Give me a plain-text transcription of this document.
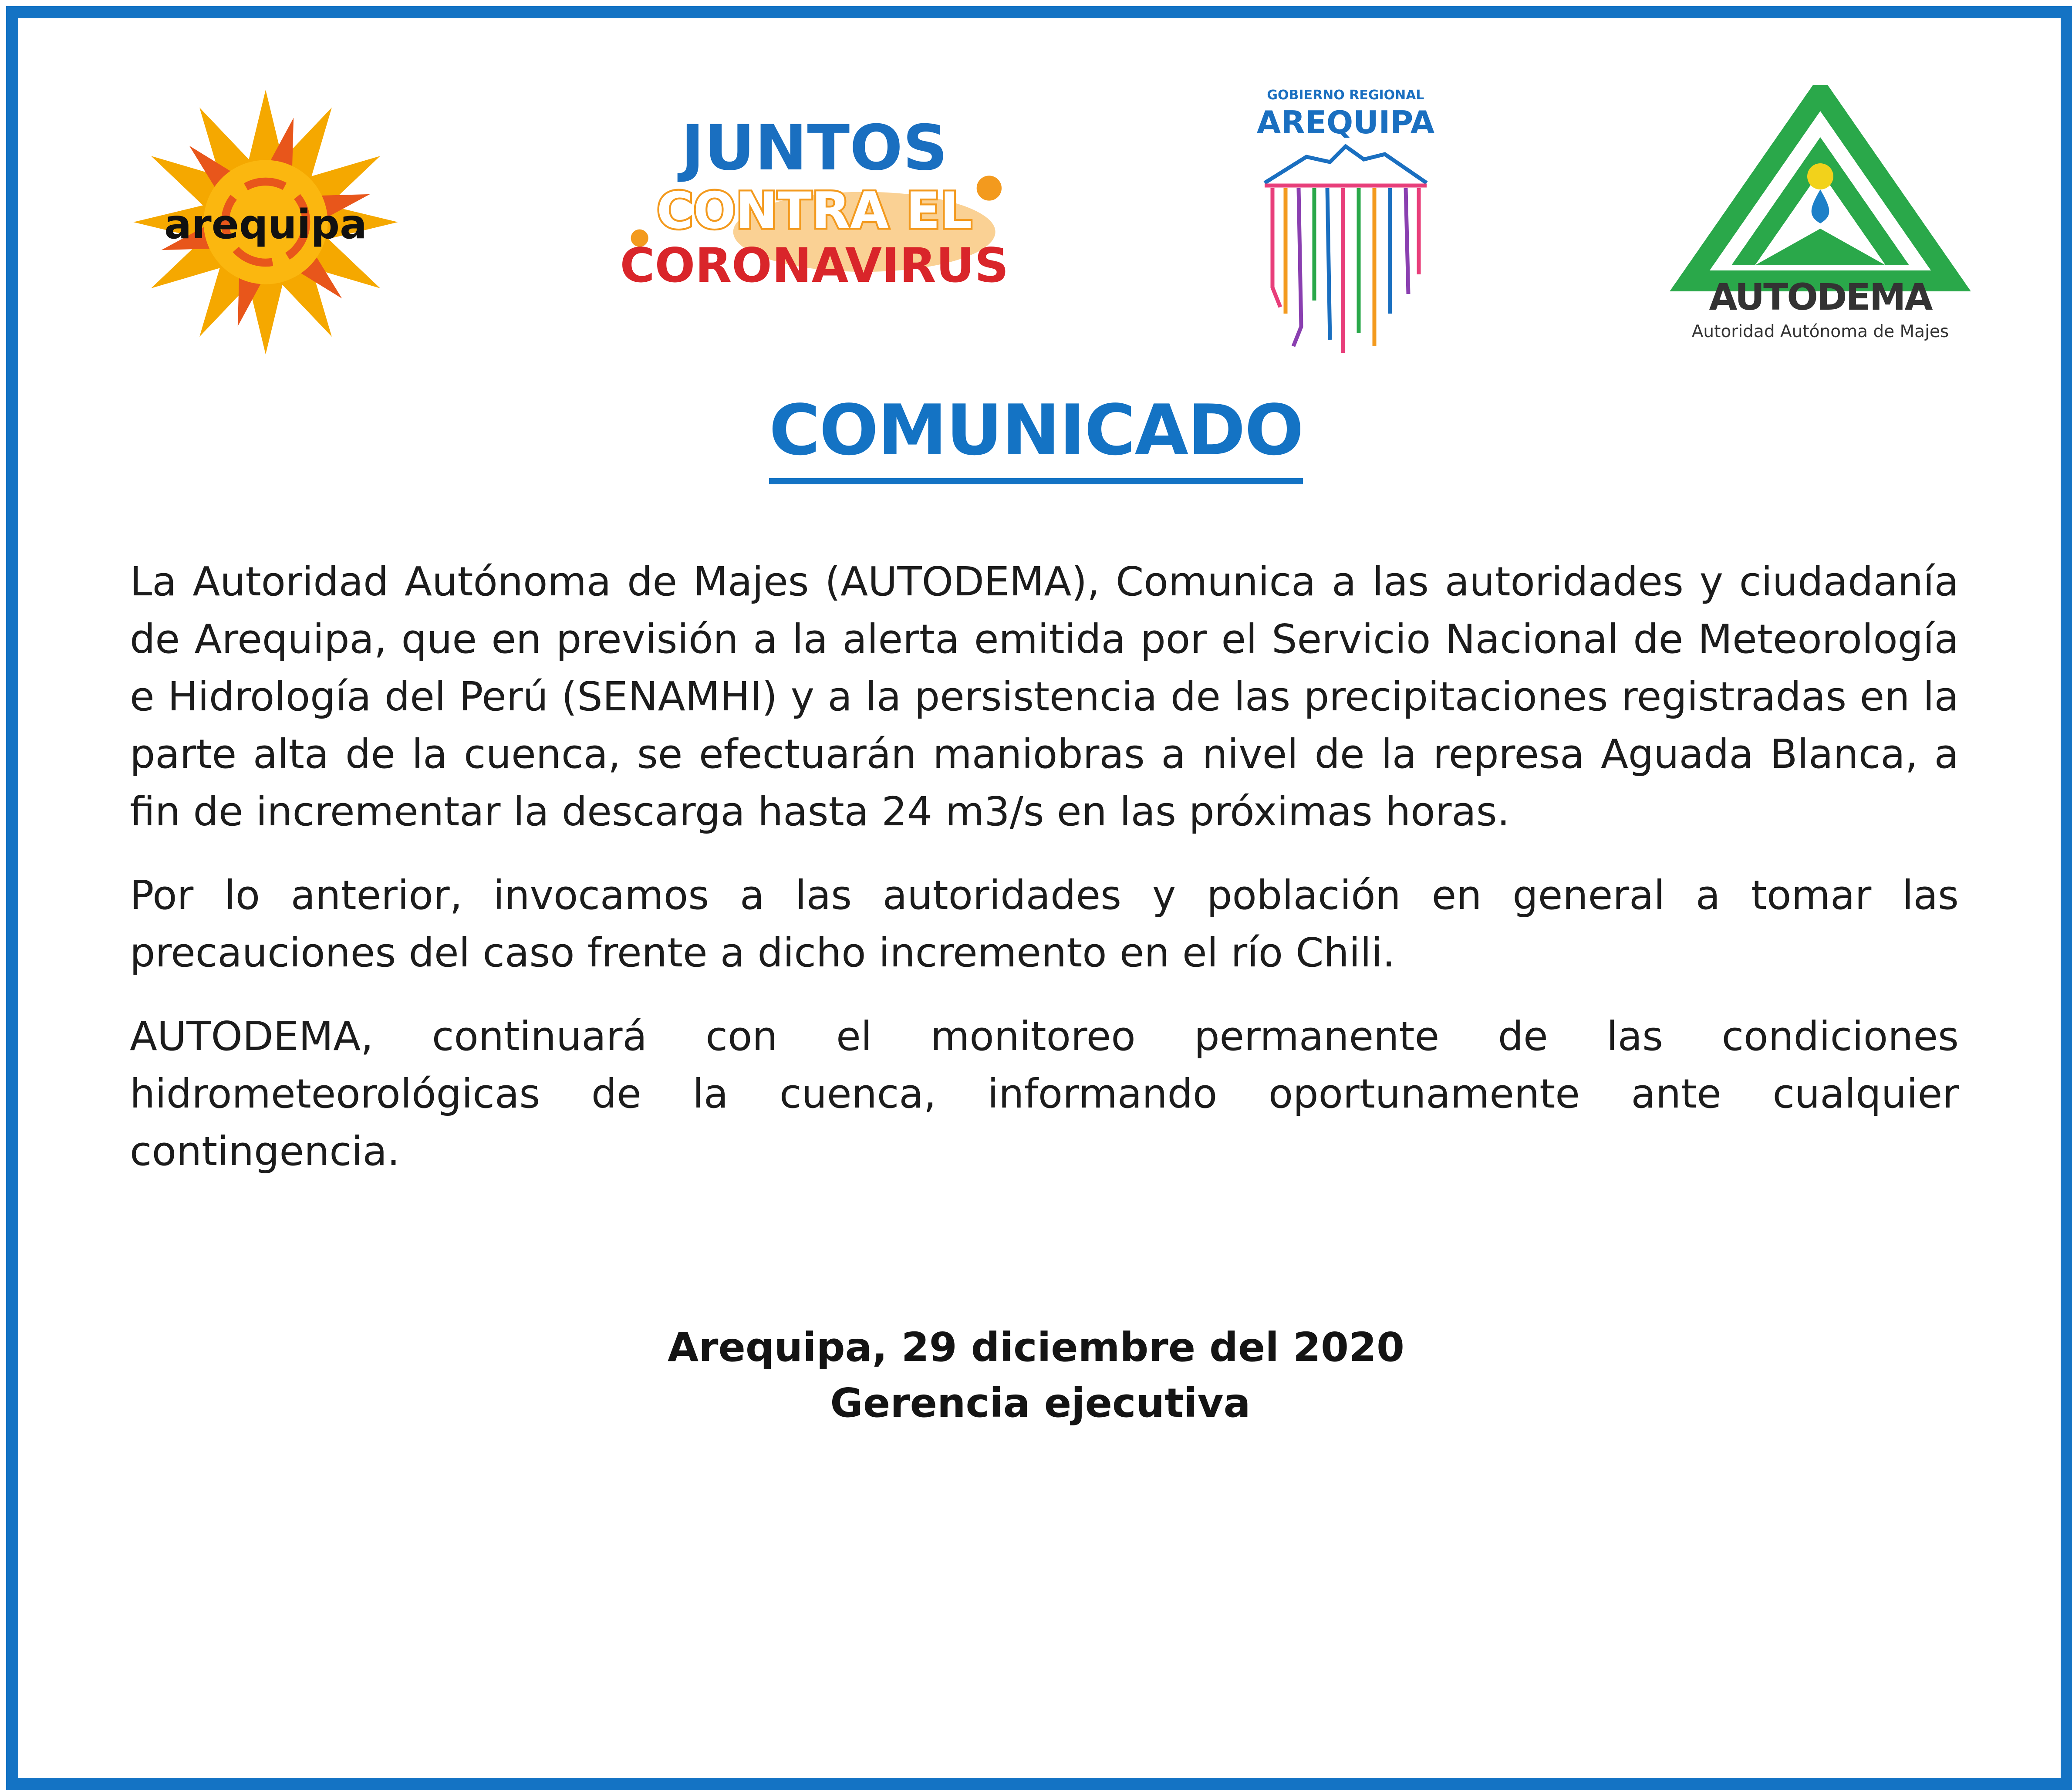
arequipa
JUNTOS
CONTRA EL
CORONAVIRUS
GOBIERNO REGIONAL
AREQUIPA
AUTODEMA
Autoridad Autónoma de Majes
COMUNICADO

La Autoridad Autónoma de Majes (AUTODEMA), Comunica a las autoridades y ciudadanía de Arequipa, que en previsión a la alerta emitida por el Servicio Nacional de Meteorología e Hidrología del Perú (SENAMHI) y a la persistencia de las precipitaciones registradas en la parte alta de la cuenca, se efectuarán maniobras a nivel de la represa Aguada Blanca, a fin de incrementar la descarga hasta 24 m3/s en las próximas horas.

Por lo anterior, invocamos a las autoridades y población en general a tomar las precauciones del caso frente a dicho incremento en el río Chili.

AUTODEMA, continuará con el monitoreo permanente de las condiciones hidrometeorológicas de la cuenca, informando oportunamente ante cualquier contingencia.

Arequipa, 29 diciembre del 2020
Gerencia ejecutiva
